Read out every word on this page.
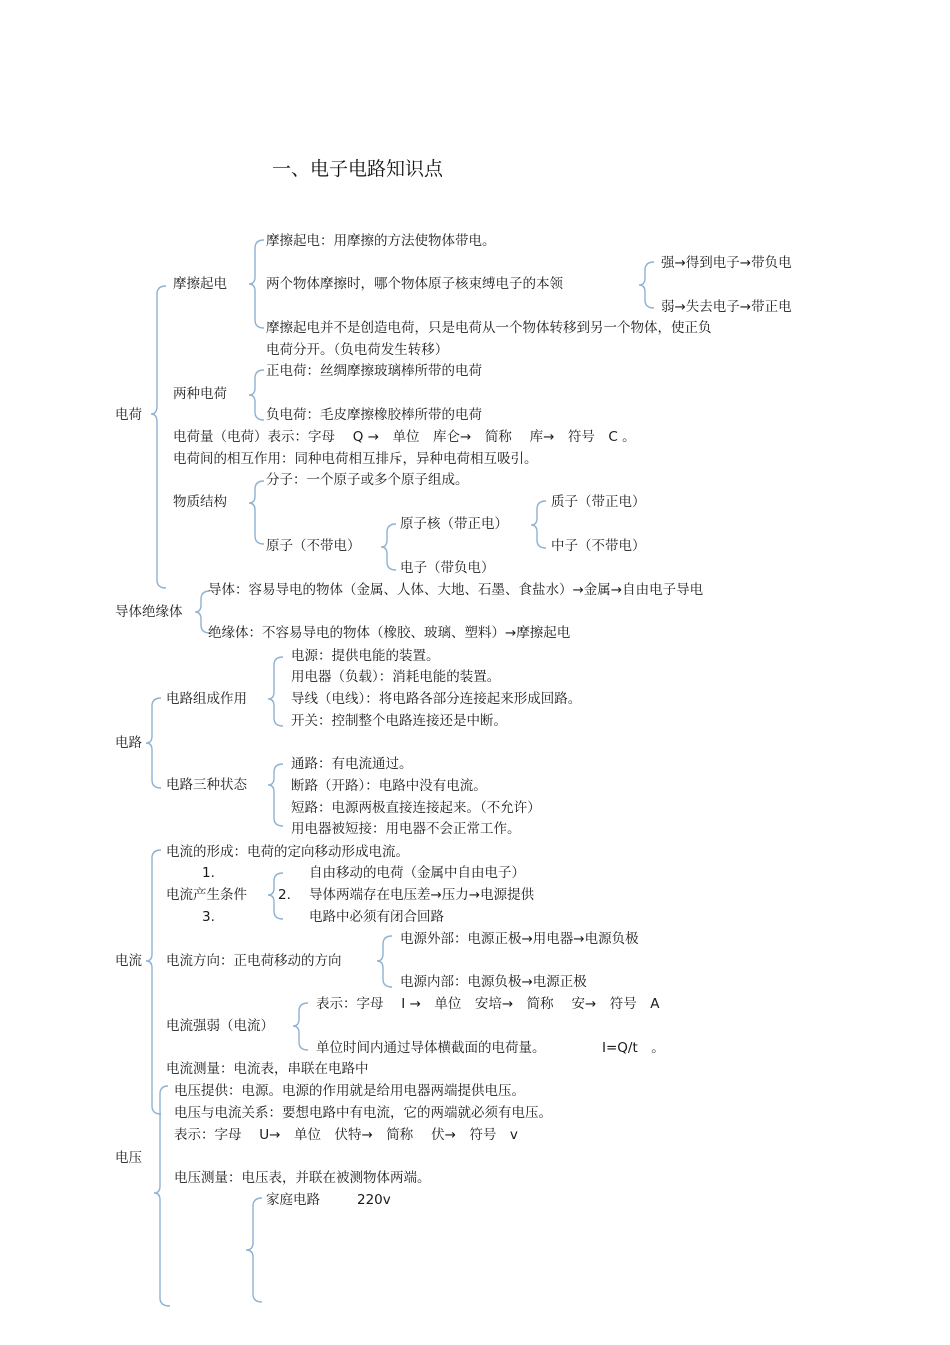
一、电子电路知识点
电荷
摩擦起电
摩擦起电：用摩擦的方法使物体带电。
两个物体摩擦时，哪个物体原子核束缚电子的本领
强→得到电子→带负电
弱→失去电子→带正电
摩擦起电并不是创造电荷，只是电荷从一个物体转移到另一个物体，使正负
电荷分开。（负电荷发生转移）
两种电荷
正电荷：丝绸摩擦玻璃棒所带的电荷
负电荷：毛皮摩擦橡胶棒所带的电荷
电荷量（电荷）表示：字母　 Q →　单位　库仑→　简称　 库→　符号　C 。
电荷间的相互作用：同种电荷相互排斥，异种电荷相互吸引。
物质结构
分子：一个原子或多个原子组成。
原子（不带电）
原子核（带正电）
质子（带正电）
中子（不带电）
电子（带负电）
导体绝缘体
导体：容易导电的物体（金属、人体、大地、石墨、食盐水）→金属→自由电子导电
绝缘体：不容易导电的物体（橡胶、玻璃、塑料）→摩擦起电
电路
电路组成作用
电源：提供电能的装置。
用电器（负载）：消耗电能的装置。
导线（电线）：将电路各部分连接起来形成回路。
开关：控制整个电路连接还是中断。
电路三种状态
通路：有电流通过。
断路（开路）：电路中没有电流。
短路：电源两极直接连接起来。（不允许）
用电器被短接：用电器不会正常工作。
电流
电流的形成：电荷的定向移动形成电流。
电流产生条件
1.
2.
3.
自由移动的电荷（金属中自由电子）
导体两端存在电压差→压力→电源提供
电路中必须有闭合回路
电流方向：正电荷移动的方向
电源外部：电源正极→用电器→电源负极
电源内部：电源负极→电源正极
电流强弱（电流）
表示：字母　 I →　单位　安培→　简称　 安→　符号　A
单位时间内通过导体横截面的电荷量。	I=Q/t　。
电流测量：电流表，串联在电路中
电压
电压提供：电源。电源的作用就是给用电器两端提供电压。
电压与电流关系：要想电路中有电流，它的两端就必须有电压。
表示：字母　 U→　单位　伏特→　简称　 伏→　符号　v
电压测量：电压表，并联在被测物体两端。
家庭电路	220v
